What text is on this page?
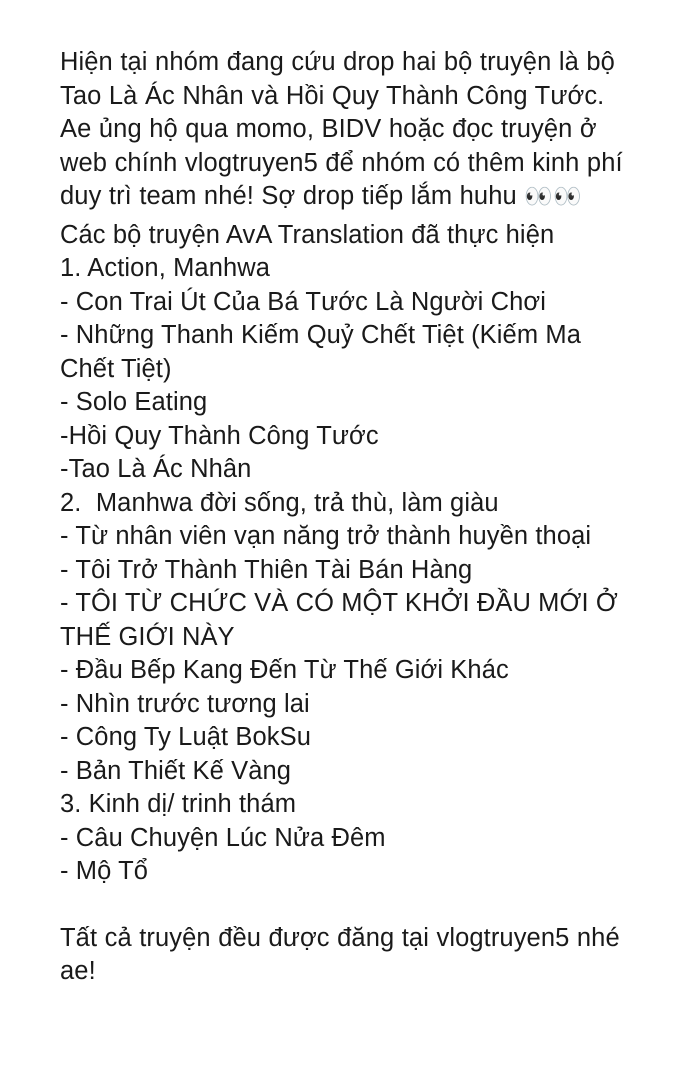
Hiện tại nhóm đang cứu drop hai bộ truyện là bộ Tao Là Ác Nhân và Hồi Quy Thành Công Tước. Ae ủng hộ qua momo, BIDV hoặc đọc truyện ở web chính vlogtruyen5 để nhóm có thêm kinh phí duy trì team nhé! Sợ drop tiếp lắm huhu 👀👀

Các bộ truyện AvA Translation đã thực hiện

1. Action, Manhwa

- Con Trai Út Của Bá Tước Là Người Chơi

- Những Thanh Kiếm Quỷ Chết Tiệt (Kiếm Ma Chết Tiệt)

- Solo Eating

-Hồi Quy Thành Công Tước

-Tao Là Ác Nhân

2.  Manhwa đời sống, trả thù, làm giàu

- Từ nhân viên vạn năng trở thành huyền thoại

- Tôi Trở Thành Thiên Tài Bán Hàng

- TÔI TỪ CHỨC VÀ CÓ MỘT KHỞI ĐẦU MỚI Ở THẾ GIỚI NÀY

- Đầu Bếp Kang Đến Từ Thế Giới Khác

- Nhìn trước tương lai

- Công Ty Luật BokSu

- Bản Thiết Kế Vàng

3. Kinh dị/ trinh thám

- Câu Chuyện Lúc Nửa Đêm

- Mộ Tổ

Tất cả truyện đều được đăng tại vlogtruyen5 nhé ae!
